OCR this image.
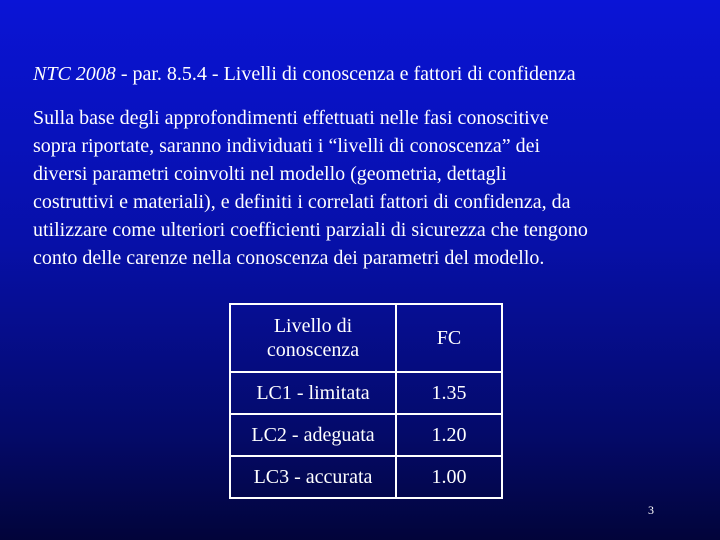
NTC 2008 - par. 8.5.4 - Livelli di conoscenza e fattori di confidenza
Sulla base degli approfondimenti effettuati nelle fasi conoscitive
sopra riportate, saranno individuati i “livelli di conoscenza” dei
diversi parametri coinvolti nel modello (geometria, dettagli
costruttivi e materiali), e definiti i correlati fattori di confidenza, da
utilizzare come ulteriori coefficienti parziali di sicurezza che tengono
conto delle carenze nella conoscenza dei parametri del modello.
Livello di
conoscenza	FC
LC1 - limitata	1.35
LC2 - adeguata	1.20
LC3 - accurata	1.00
3
